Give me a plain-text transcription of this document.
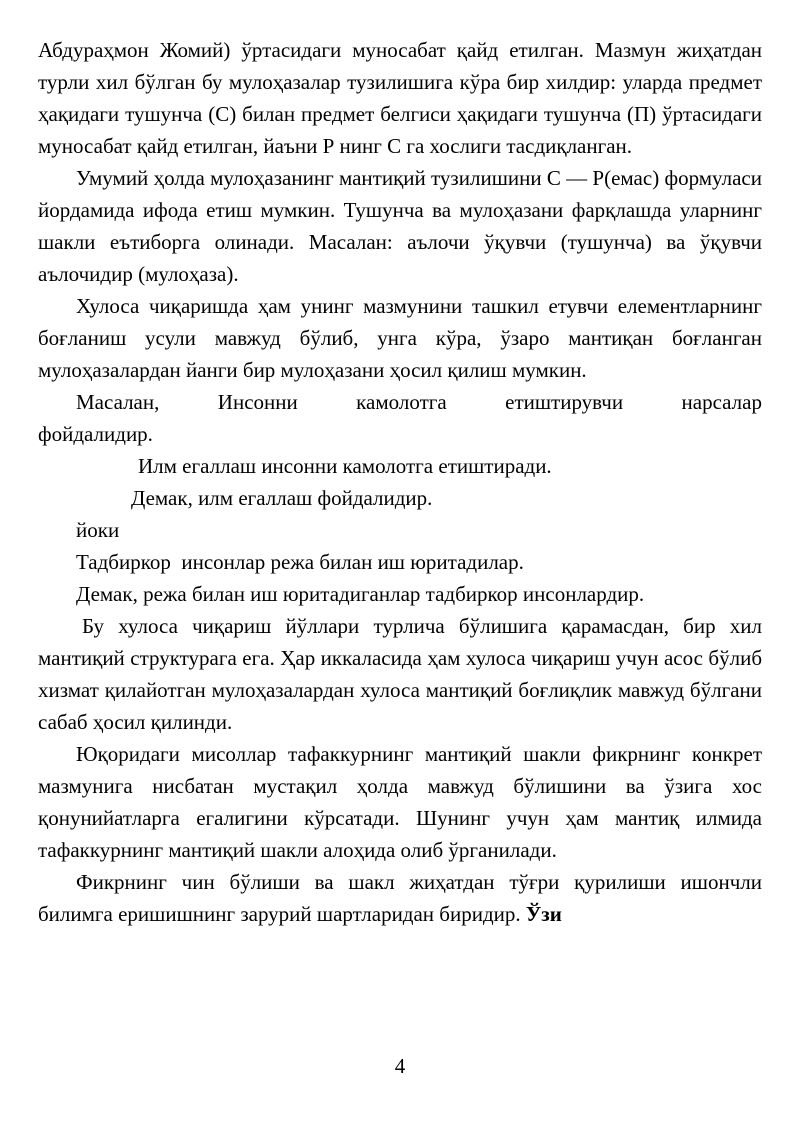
Абдураҳмон Жомий) ўртасидаги муносабат қайд етилган. Мазмун жиҳатдан турли хил бўлган бу мулоҳазалар тузилишига кўра бир хилдир: уларда предмет ҳақидаги тушунча (С) билан предмет белгиси ҳақидаги тушунча (П) ўртасидаги муносабат қайд етилган, йаъни Р нинг С га хослиги тасдиқланган.

Умумий ҳолда мулоҳазанинг мантиқий тузилишини С — Р(емас) формуласи йордамида ифода етиш мумкин. Тушунча ва мулоҳазани фарқлашда уларнинг шакли еътиборга олинади. Масалан: аълочи ўқувчи (тушунча) ва ўқувчи аълочидир (мулоҳаза).

Хулоса чиқаришда ҳам унинг мазмунини ташкил етувчи елементларнинг боғланиш усули мавжуд бўлиб, унга кўра, ўзаро мантиқан боғланган мулоҳазалардан йанги бир мулоҳазани ҳосил қилиш мумкин.

Масалан,	Инсонни	камолотга	етиштирувчи	нарсалар

фойдалидир.

Илм егаллаш инсонни камолотга етиштиради.

Демак, илм егаллаш фойдалидир.

йоки

Тадбиркор  инсонлар режа билан иш юритадилар.

Демак, режа билан иш юритадиганлар тадбиркор инсонлардир.

Бу хулоса чиқариш йўллари турлича бўлишига қарамасдан, бир хил мантиқий структурага ега. Ҳар иккаласида ҳам хулоса чиқариш учун асос бўлиб хизмат қилайотган мулоҳазалардан хулоса мантиқий боғлиқлик мавжуд бўлгани сабаб ҳосил қилинди.

Юқоридаги мисоллар тафаккурнинг мантиқий шакли фикрнинг конкрет мазмунига нисбатан мустақил ҳолда мавжуд бўлишини ва ўзига хос қонунийатларга егалигини кўрсатади. Шунинг учун ҳам мантиқ илмида тафаккурнинг мантиқий шакли алоҳида олиб ўрганилади.

Фикрнинг чин бўлиши ва шакл жиҳатдан тўғри қурилиши ишончли билимга еришишнинг зарурий шартларидан биридир. Ўзи

4
